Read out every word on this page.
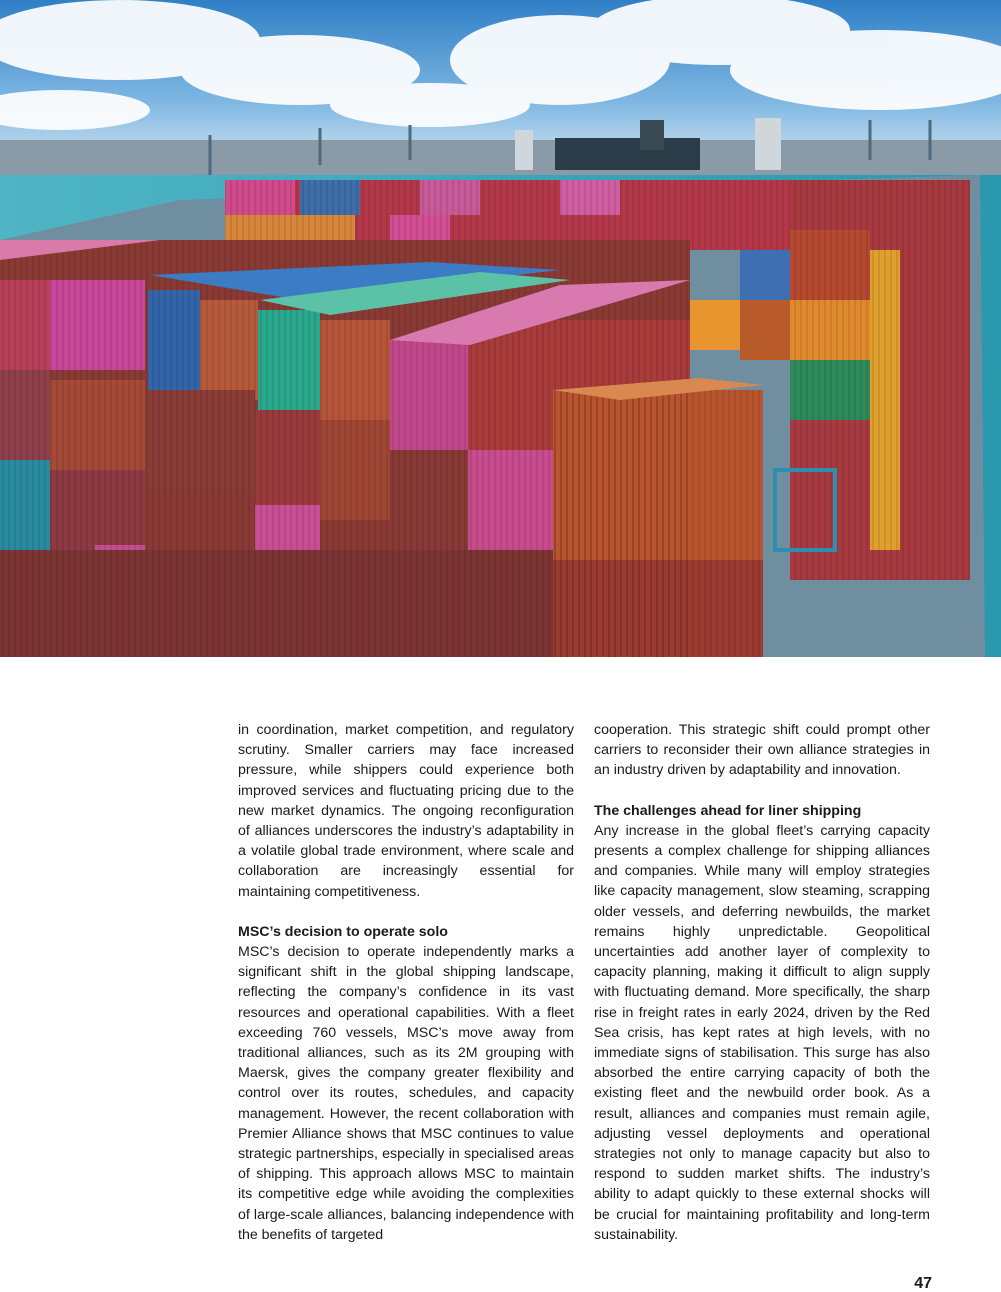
in coordination, market competition, and regulatory scrutiny. Smaller carriers may face increased pressure, while shippers could experience both improved services and fluctuating pricing due to the new market dynamics. The ongoing reconfiguration of alliances underscores the industry’s adaptability in a volatile global trade environment, where scale and collaboration are increasingly essential for maintaining competitiveness.

MSC’s decision to operate solo

MSC’s decision to operate independently marks a significant shift in the global shipping landscape, reflecting the company’s confidence in its vast resources and operational capabilities. With a fleet exceeding 760 vessels, MSC’s move away from traditional alliances, such as its 2M grouping with Maersk, gives the company greater flexibility and control over its routes, schedules, and capacity management. However, the recent collaboration with Premier Alliance shows that MSC continues to value strategic partnerships, especially in specialised areas of shipping. This approach allows MSC to maintain its competitive edge while avoiding the complexities of large-scale alliances, balancing independence with the benefits of targeted

cooperation. This strategic shift could prompt other carriers to reconsider their own alliance strategies in an industry driven by adaptability and innovation.

The challenges ahead for liner shipping

Any increase in the global fleet’s carrying capacity presents a complex challenge for shipping alliances and companies. While many will employ strategies like capacity management, slow steaming, scrapping older vessels, and deferring newbuilds, the market remains highly unpredictable. Geopolitical uncertainties add another layer of complexity to capacity planning, making it difficult to align supply with fluctuating demand. More specifically, the sharp rise in freight rates in early 2024, driven by the Red Sea crisis, has kept rates at high levels, with no immediate signs of stabilisation. This surge has also absorbed the entire carrying capacity of both the existing fleet and the newbuild order book. As a result, alliances and companies must remain agile, adjusting vessel deployments and operational strategies not only to manage capacity but also to respond to sudden market shifts. The industry’s ability to adapt quickly to these external shocks will be crucial for maintaining profitability and long-term sustainability.

47
